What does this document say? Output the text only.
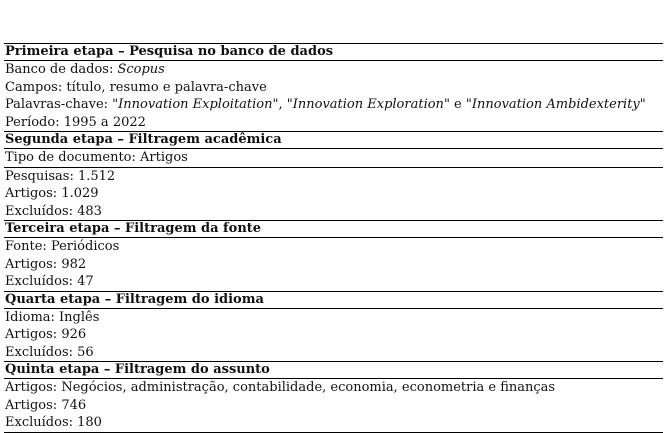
Primeira etapa – Pesquisa no banco de dados
Banco de dados: Scopus
Campos: título, resumo e palavra-chave
Palavras-chave: "Innovation Exploitation", "Innovation Exploration" e "Innovation Ambidexterity"
Período: 1995 a 2022
Segunda etapa – Filtragem acadêmica
Tipo de documento: Artigos
Pesquisas: 1.512
Artigos: 1.029
Excluídos: 483
Terceira etapa – Filtragem da fonte
Fonte: Periódicos
Artigos: 982
Excluídos: 47
Quarta etapa – Filtragem do idioma
Idioma: Inglês
Artigos: 926
Excluídos: 56
Quinta etapa – Filtragem do assunto
Artigos: Negócios, administração, contabilidade, economia, econometria e finanças
Artigos: 746
Excluídos: 180
